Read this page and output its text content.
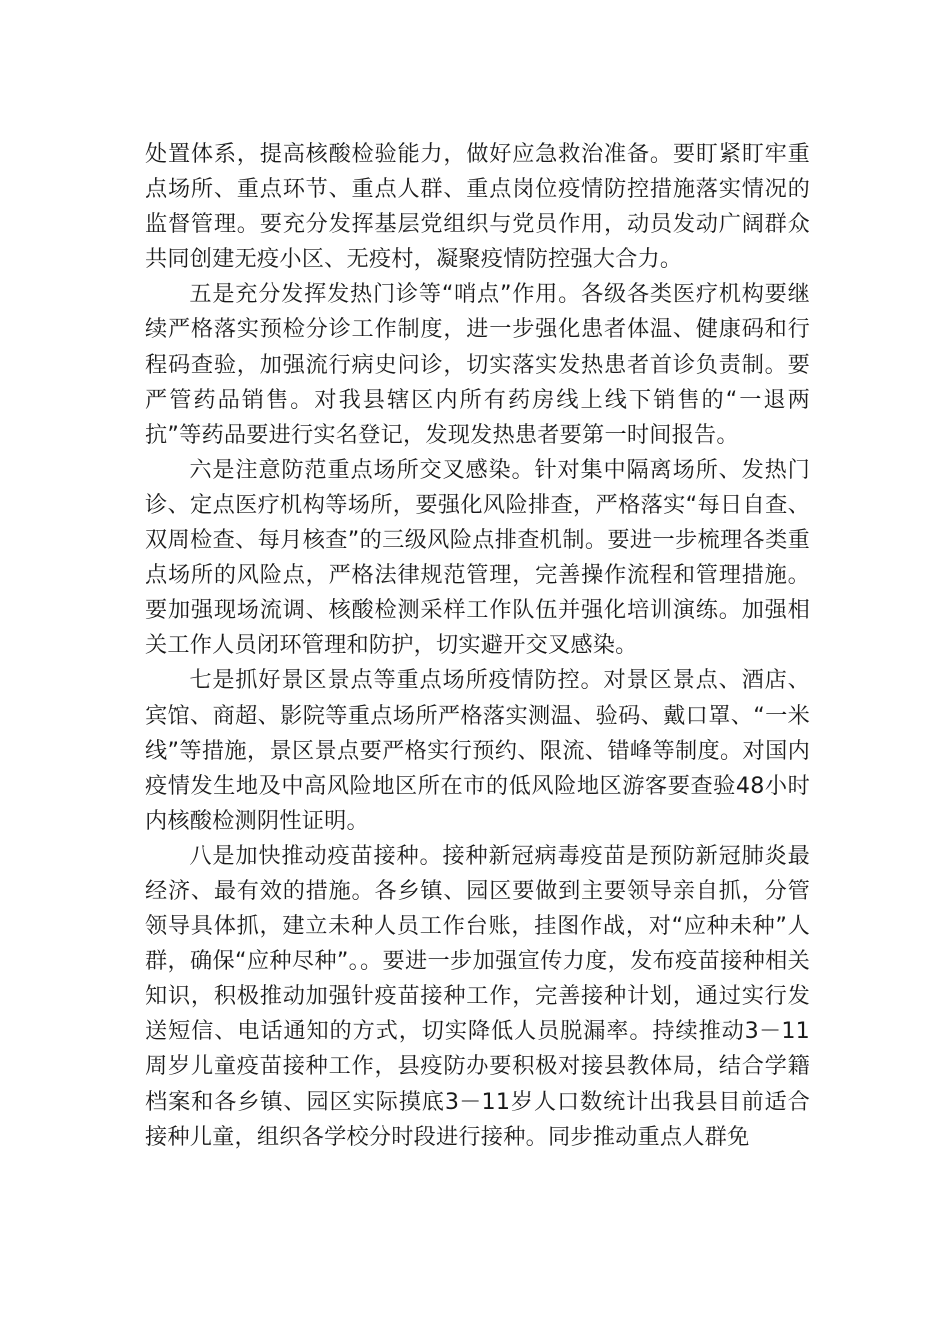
处置体系，提高核酸检验能力，做好应急救治准备。要盯紧盯牢重点场所、重点环节、重点人群、重点岗位疫情防控措施落实情况的监督管理。要充分发挥基层党组织与党员作用，动员发动广阔群众共同创建无疫小区、无疫村，凝聚疫情防控强大合力。

五是充分发挥发热门诊等“哨点”作用。各级各类医疗机构要继续严格落实预检分诊工作制度，进一步强化患者体温、健康码和行程码查验，加强流行病史问诊，切实落实发热患者首诊负责制。要严管药品销售。对我县辖区内所有药房线上线下销售的“一退两抗”等药品要进行实名登记，发现发热患者要第一时间报告。

六是注意防范重点场所交叉感染。针对集中隔离场所、发热门诊、定点医疗机构等场所，要强化风险排查，严格落实“每日自查、双周检查、每月核查”的三级风险点排查机制。要进一步梳理各类重点场所的风险点，严格法律规范管理，完善操作流程和管理措施。要加强现场流调、核酸检测采样工作队伍并强化培训演练。加强相关工作人员闭环管理和防护，切实避开交叉感染。

七是抓好景区景点等重点场所疫情防控。对景区景点、酒店、宾馆、商超、影院等重点场所严格落实测温、验码、戴口罩、“一米线”等措施，景区景点要严格实行预约、限流、错峰等制度。对国内疫情发生地及中高风险地区所在市的低风险地区游客要查验48小时内核酸检测阴性证明。

八是加快推动疫苗接种。接种新冠病毒疫苗是预防新冠肺炎最经济、最有效的措施。各乡镇、园区要做到主要领导亲自抓，分管领导具体抓，建立未种人员工作台账，挂图作战，对“应种未种”人群，确保“应种尽种”。。要进一步加强宣传力度，发布疫苗接种相关知识，积极推动加强针疫苗接种工作，完善接种计划，通过实行发送短信、电话通知的方式，切实降低人员脱漏率。持续推动3－11周岁儿童疫苗接种工作，县疫防办要积极对接县教体局，结合学籍档案和各乡镇、园区实际摸底3－11岁人口数统计出我县目前适合接种儿童，组织各学校分时段进行接种。同步推动重点人群免
